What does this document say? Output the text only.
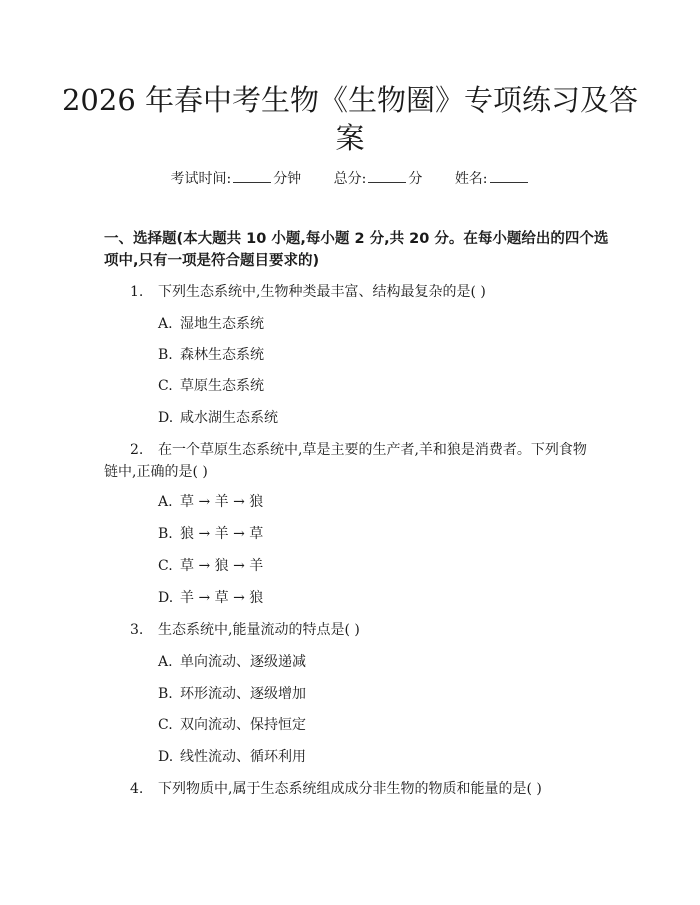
2026 年春中考生物《生物圈》专项练习及答
案
考试时间:	分钟 总分:	分 姓名:
一、选择题(本大题共 10 小题,每小题 2 分,共 20 分。在每小题给出的四个选
项中,只有一项是符合题目要求的)
1. 下列生态系统中,生物种类最丰富、结构最复杂的是( )
A. 湿地生态系统
B. 森林生态系统
C. 草原生态系统
D. 咸水湖生态系统
2. 在一个草原生态系统中,草是主要的生产者,羊和狼是消费者。下列食物
链中,正确的是( )
A. 草 → 羊 → 狼
B. 狼 → 羊 → 草
C. 草 → 狼 → 羊
D. 羊 → 草 → 狼
3. 生态系统中,能量流动的特点是( )
A. 单向流动、逐级递减
B. 环形流动、逐级增加
C. 双向流动、保持恒定
D. 线性流动、循环利用
4. 下列物质中,属于生态系统组成成分非生物的物质和能量的是( )
